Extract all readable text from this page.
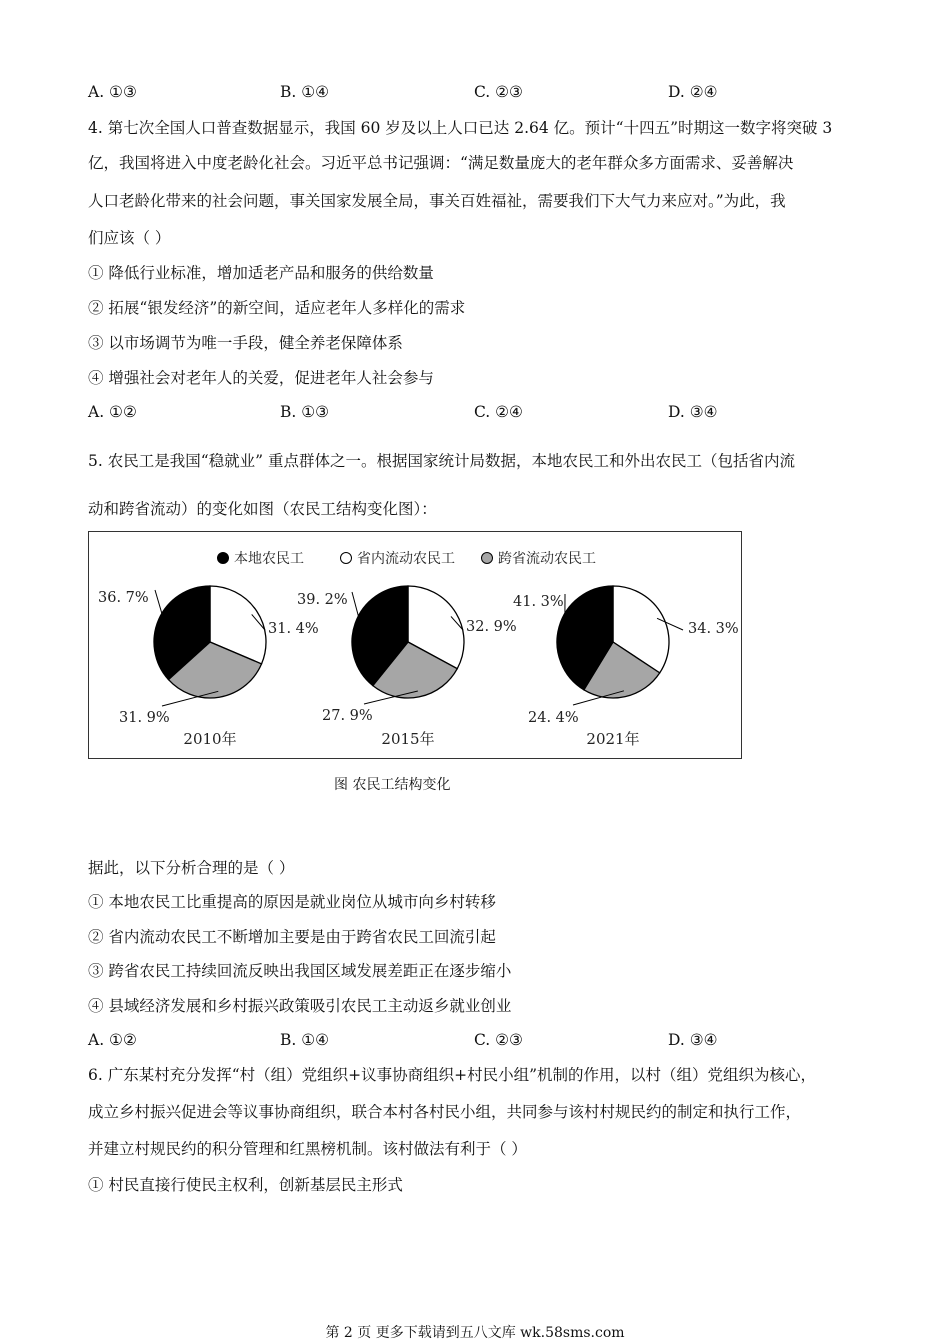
A. ①③	B. ①④	C. ②③	D. ②④
4. 第七次全国人口普查数据显示，我国 60 岁及以上人口已达 2.64 亿。预计“十四五”时期这一数字将突破 3
亿，我国将进入中度老龄化社会。习近平总书记强调：“满足数量庞大的老年群众多方面需求、妥善解决
人口老龄化带来的社会问题，事关国家发展全局，事关百姓福祉，需要我们下大气力来应对。”为此，我
们应该（ ）
① 降低行业标准，增加适老产品和服务的供给数量
② 拓展“银发经济”的新空间，适应老年人多样化的需求
③ 以市场调节为唯一手段，健全养老保障体系
④ 增强社会对老年人的关爱，促进老年人社会参与
A. ①②	B. ①③	C. ②④	D. ③④
5. 农民工是我国“稳就业” 重点群体之一。根据国家统计局数据，本地农民工和外出农民工（包括省内流
动和跨省流动）的变化如图（农民工结构变化图）：
本地农民工	省内流动农民工	跨省流动农民工
36. 7%
31. 4%
31. 9%
2010年
39. 2%
32. 9%
27. 9%
2015年
41. 3%
34. 3%
24. 4%
2021年
图 农民工结构变化
据此，以下分析合理的是（ ）
① 本地农民工比重提高的原因是就业岗位从城市向乡村转移
② 省内流动农民工不断增加主要是由于跨省农民工回流引起
③ 跨省农民工持续回流反映出我国区域发展差距正在逐步缩小
④ 县域经济发展和乡村振兴政策吸引农民工主动返乡就业创业
A. ①②	B. ①④	C. ②③	D. ③④
6. 广东某村充分发挥“村（组）党组织+议事协商组织+村民小组”机制的作用，以村（组）党组织为核心，
成立乡村振兴促进会等议事协商组织，联合本村各村民小组，共同参与该村村规民约的制定和执行工作，
并建立村规民约的积分管理和红黑榜机制。该村做法有利于（ ）
① 村民直接行使民主权利，创新基层民主形式
第 2 页 更多下载请到五八文库 wk.58sms.com
